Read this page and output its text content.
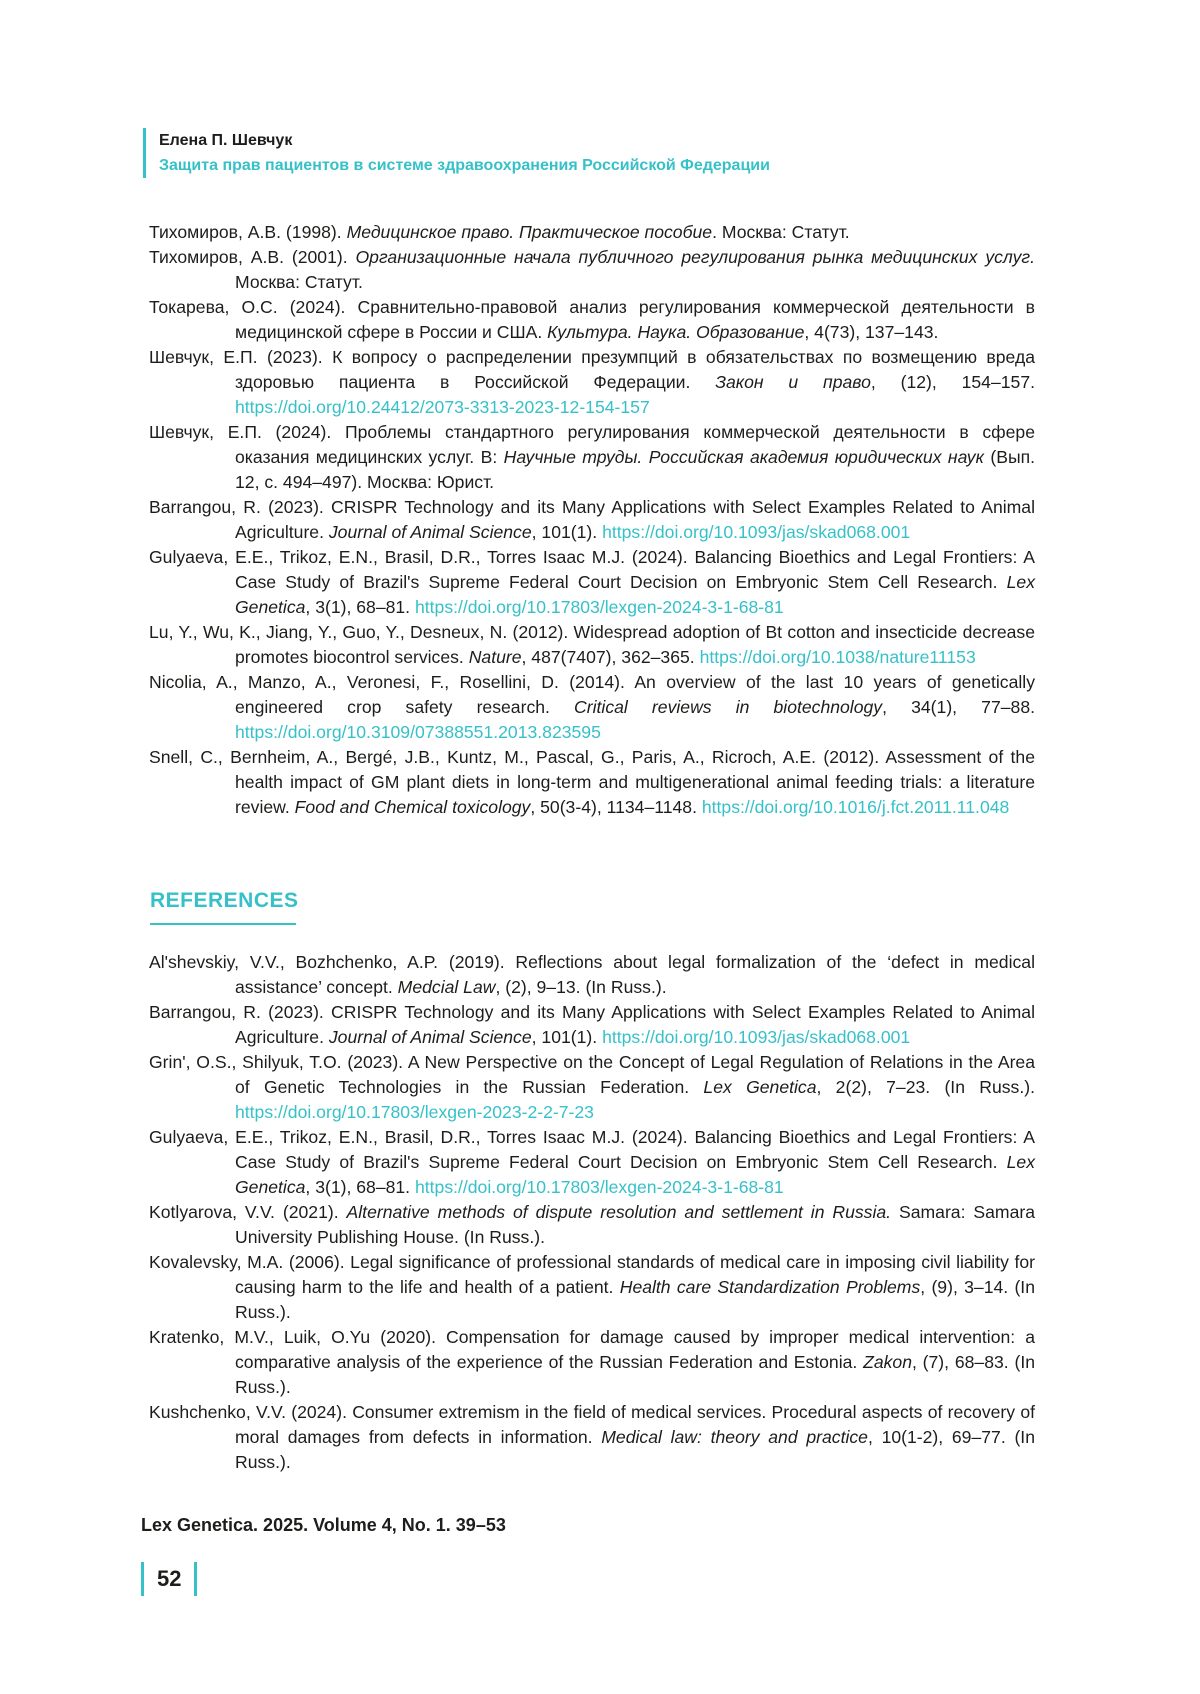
Елена П. Шевчук
Защита прав пациентов в системе здравоохранения Российской Федерации

Тихомиров, А.В. (1998). Медицинское право. Практическое пособие. Москва: Статут.

Тихомиров, А.В. (2001). Организационные начала публичного регулирования рынка медицинских услуг. Москва: Статут.

Токарева, О.С. (2024). Сравнительно-правовой анализ регулирования коммерческой деятельности в медицинской сфере в России и США. Культура. Наука. Образование, 4(73), 137–143.

Шевчук, Е.П. (2023). К вопросу о распределении презумпций в обязательствах по возмещению вреда здоровью пациента в Российской Федерации. Закон и право, (12), 154–157. https://doi.org/10.24412/2073-3313-2023-12-154-157

Шевчук, Е.П. (2024). Проблемы стандартного регулирования коммерческой деятельности в сфере оказания медицинских услуг. В: Научные труды. Российская академия юридических наук (Вып. 12, с. 494–497). Москва: Юрист.

Barrangou, R. (2023). CRISPR Technology and its Many Applications with Select Examples Related to Animal Agriculture. Journal of Animal Science, 101(1). https://doi.org/10.1093/jas/skad068.001

Gulyaeva, E.E., Trikoz, E.N., Brasil, D.R., Torres Isaac M.J. (2024). Balancing Bioethics and Legal Frontiers: A Case Study of Brazil's Supreme Federal Court Decision on Embryonic Stem Cell Research. Lex Genetica, 3(1), 68–81. https://doi.org/10.17803/lexgen-2024-3-1-68-81

Lu, Y., Wu, K., Jiang, Y., Guo, Y., Desneux, N. (2012). Widespread adoption of Bt cotton and insecticide decrease promotes biocontrol services. Nature, 487(7407), 362–365. https://doi.org/10.1038/nature11153

Nicolia, A., Manzo, A., Veronesi, F., Rosellini, D. (2014). An overview of the last 10 years of genetically engineered crop safety research. Critical reviews in biotechnology, 34(1), 77–88. https://doi.org/10.3109/07388551.2013.823595

Snell, C., Bernheim, A., Bergé, J.B., Kuntz, M., Pascal, G., Paris, A., Ricroch, A.E. (2012). Assessment of the health impact of GM plant diets in long-term and multigenerational animal feeding trials: a literature review. Food and Chemical toxicology, 50(3-4), 1134–1148. https://doi.org/10.1016/j.fct.2011.11.048

REFERENCES

Al'shevskiy, V.V., Bozhchenko, A.P. (2019). Reflections about legal formalization of the ‘defect in medical assistance’ concept. Medcial Law, (2), 9–13. (In Russ.).

Barrangou, R. (2023). CRISPR Technology and its Many Applications with Select Examples Related to Animal Agriculture. Journal of Animal Science, 101(1). https://doi.org/10.1093/jas/skad068.001

Grin', O.S., Shilyuk, T.O. (2023). A New Perspective on the Concept of Legal Regulation of Relations in the Area of Genetic Technologies in the Russian Federation. Lex Genetica, 2(2), 7–23. (In Russ.). https://doi.org/10.17803/lexgen-2023-2-2-7-23

Gulyaeva, E.E., Trikoz, E.N., Brasil, D.R., Torres Isaac M.J. (2024). Balancing Bioethics and Legal Frontiers: A Case Study of Brazil's Supreme Federal Court Decision on Embryonic Stem Cell Research. Lex Genetica, 3(1), 68–81. https://doi.org/10.17803/lexgen-2024-3-1-68-81

Kotlyarova, V.V. (2021). Alternative methods of dispute resolution and settlement in Russia. Samara: Samara University Publishing House. (In Russ.).

Kovalevsky, M.A. (2006). Legal significance of professional standards of medical care in imposing civil liability for causing harm to the life and health of a patient. Health care Standardization Problems, (9), 3–14. (In Russ.).

Kratenko, M.V., Luik, O.Yu (2020). Compensation for damage caused by improper medical intervention: a comparative analysis of the experience of the Russian Federation and Estonia. Zakon, (7), 68–83. (In Russ.).

Kushchenko, V.V. (2024). Consumer extremism in the field of medical services. Procedural aspects of recovery of moral damages from defects in information. Medical law: theory and practice, 10(1-2), 69–77. (In Russ.).

Lex Genetica. 2025. Volume 4, No. 1. 39–53
52
